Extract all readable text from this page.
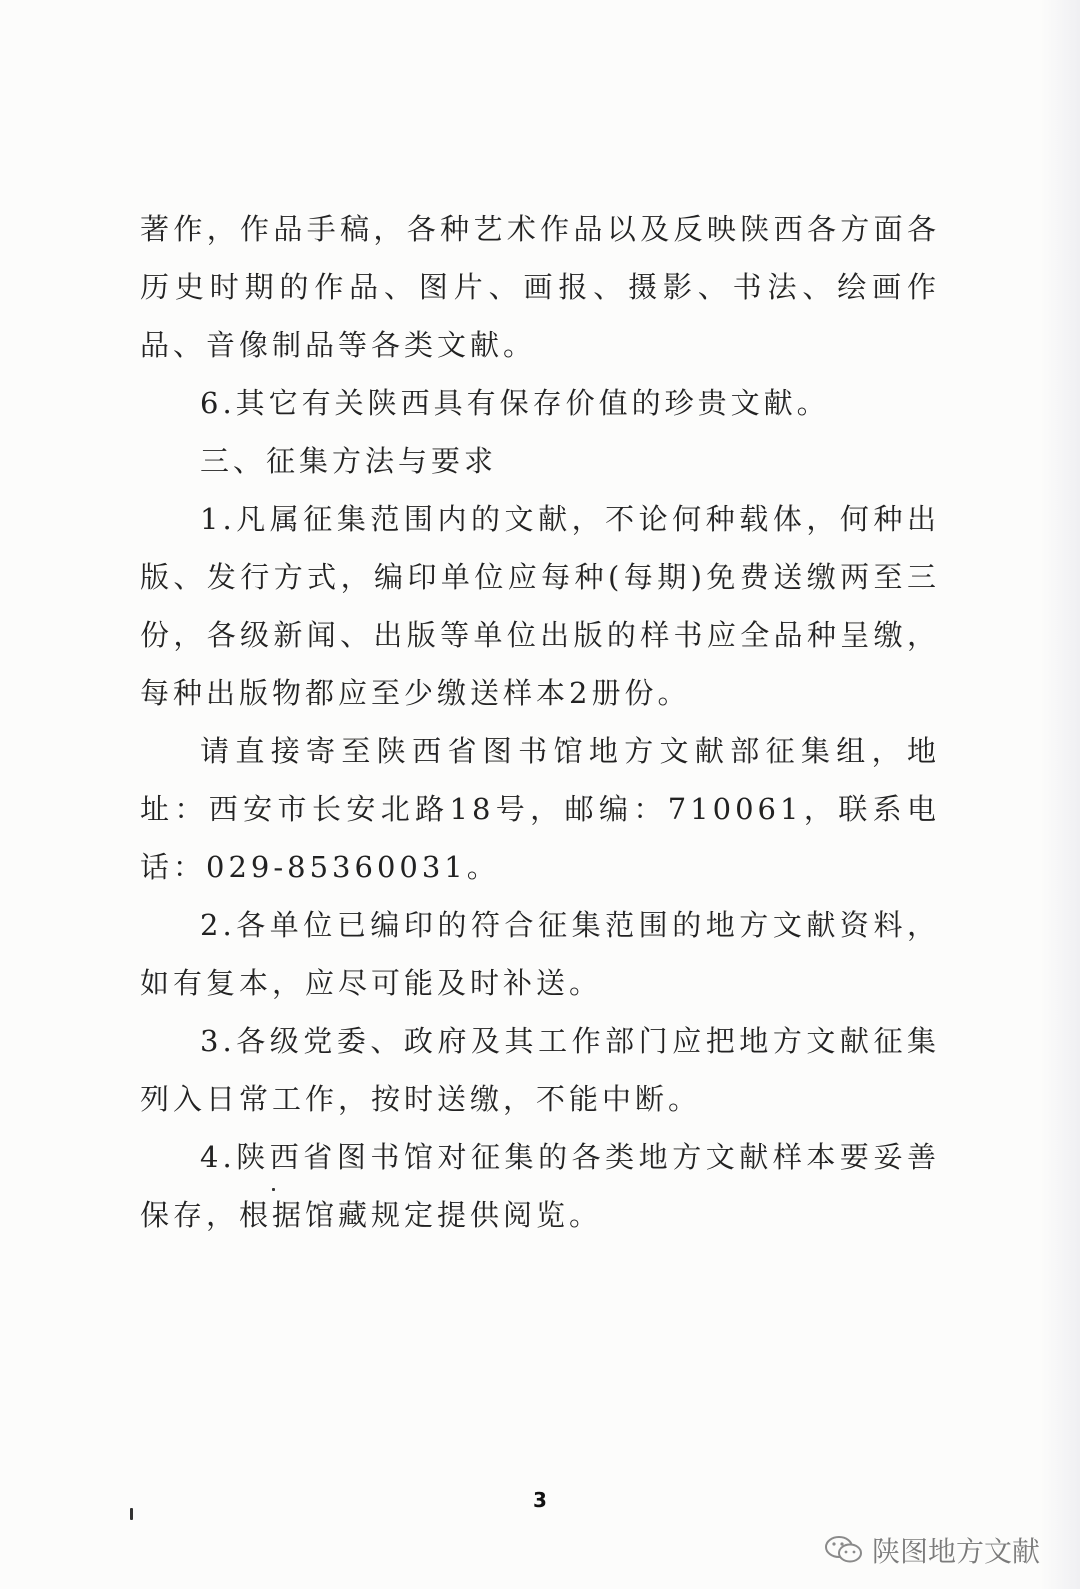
著作，作品手稿，各种艺术作品以及反映陕西各方面各历史时期的作品、图片、画报、摄影、书法、绘画作品、音像制品等各类文献。

6.其它有关陕西具有保存价值的珍贵文献。

三、征集方法与要求

1.凡属征集范围内的文献，不论何种载体，何种出版、发行方式，编印单位应每种(每期)免费送缴两至三份，各级新闻、出版等单位出版的样书应全品种呈缴，每种出版物都应至少缴送样本2册份。

请直接寄至陕西省图书馆地方文献部征集组，地址：西安市长安北路18号，邮编：710061，联系电话：029-85360031。

2.各单位已编印的符合征集范围的地方文献资料，如有复本，应尽可能及时补送。

3.各级党委、政府及其工作部门应把地方文献征集列入日常工作，按时送缴，不能中断。

4.陕西省图书馆对征集的各类地方文献样本要妥善保存，根据馆藏规定提供阅览。

3
陕图地方文献
